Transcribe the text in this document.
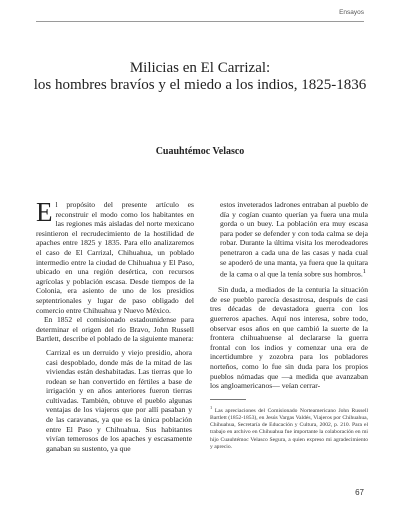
Ensayos
Milicias en El Carrizal:
los hombres bravíos y el miedo a los indios, 1825-1836
Cuauhtémoc Velasco

El propósito del presente artículo es reconstruir el modo como los habitantes en las regiones más aisladas del norte mexicano resintieron el recrudecimiento de la hostilidad de apaches entre 1825 y 1835. Para ello analizaremos el caso de El Carrizal, Chihuahua, un poblado intermedio entre la ciudad de Chihuahua y El Paso, ubicado en una región desértica, con recursos agrícolas y población escasa. Desde tiempos de la Colonia, era asiento de uno de los presidios septentrionales y lugar de paso obligado del comercio entre Chihuahua y Nuevo México.

En 1852 el comisionado estadounidense para determinar el origen del río Bravo, John Russell Bartlett, describe el poblado de la siguiente manera:

Carrizal es un derruido y viejo presidio, ahora casi despoblado, donde más de la mitad de las viviendas están deshabitadas. Las tierras que lo rodean se han convertido en fértiles a base de irrigación y en años anteriores fueron tierras cultivadas. También, obtuve el pueblo algunas ventajas de los viajeros que por allí pasaban y de las caravanas, ya que es la única población entre El Paso y Chihuahua. Sus habitantes vivían temerosos de los apaches y escasamente ganaban su sustento, ya que

estos inveterados ladrones entraban al pueblo de día y cogían cuanto querían ya fuera una mula gorda o un buey. La población era muy escasa para poder se defender y con toda calma se deja robar. Durante la última visita los merodeadores penetraron a cada una de las casas y nada cual se apoderó de una manta, ya fuera que la quitara de la cama o al que la tenía sobre sus hombros.$^1$

Sin duda, a mediados de la centuria la situación de ese pueblo parecía desastrosa, después de casi tres décadas de devastadora guerra con los guerreros apaches. Aquí nos interesa, sobre todo, observar esos años en que cambió la suerte de la frontera chihuahuense al declararse la guerra frontal con los indios y comenzar una era de incertidumbre y zozobra para los pobladores norteños, como lo fue sin duda para los propios pueblos nómadas que —a medida que avanzaban los angloamericanos— veían cerrar-

$^1$ Las apreciaciones del Comisionado Norteamericano John Russell Bartlett (1852-1853), en Jesús Vargas Valdés, Viajeros por Chihuahua, Chihuahua, Secretaría de Educación y Cultura, 2002, p. 210. Para el trabajo en archivo en Chihuahua fue importante la colaboración en mi hijo Cuauhtémoc Velasco Segura, a quien expreso mi agradecimiento y aprecio.
67
